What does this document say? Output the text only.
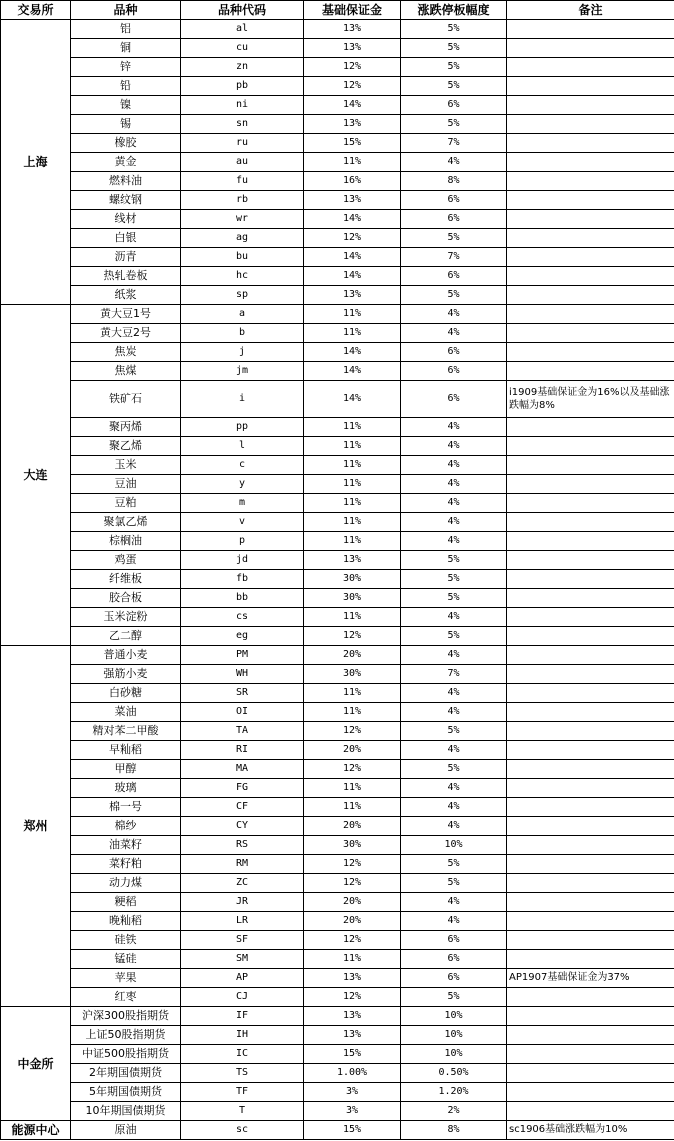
交易所	品种	品种代码	基础保证金	涨跌停板幅度	备注
上海	铝	al	13%	5%	
	铜	cu	13%	5%	
	锌	zn	12%	5%	
	铅	pb	12%	5%	
	镍	ni	14%	6%	
	锡	sn	13%	5%	
	橡胶	ru	15%	7%	
	黄金	au	11%	4%	
	燃料油	fu	16%	8%	
	螺纹钢	rb	13%	6%	
	线材	wr	14%	6%	
	白银	ag	12%	5%	
	沥青	bu	14%	7%	
	热轧卷板	hc	14%	6%	
	纸浆	sp	13%	5%	
大连	黄大豆1号	a	11%	4%	
	黄大豆2号	b	11%	4%	
	焦炭	j	14%	6%	
	焦煤	jm	14%	6%	
	铁矿石	i	14%	6%	i1909基础保证金为16%以及基础涨跌幅为8%
	聚丙烯	pp	11%	4%	
	聚乙烯	l	11%	4%	
	玉米	c	11%	4%	
	豆油	y	11%	4%	
	豆粕	m	11%	4%	
	聚氯乙烯	v	11%	4%	
	棕榈油	p	11%	4%	
	鸡蛋	jd	13%	5%	
	纤维板	fb	30%	5%	
	胶合板	bb	30%	5%	
	玉米淀粉	cs	11%	4%	
	乙二醇	eg	12%	5%	
郑州	普通小麦	PM	20%	4%	
	强筋小麦	WH	30%	7%	
	白砂糖	SR	11%	4%	
	菜油	OI	11%	4%	
	精对苯二甲酸	TA	12%	5%	
	早籼稻	RI	20%	4%	
	甲醇	MA	12%	5%	
	玻璃	FG	11%	4%	
	棉一号	CF	11%	4%	
	棉纱	CY	20%	4%	
	油菜籽	RS	30%	10%	
	菜籽粕	RM	12%	5%	
	动力煤	ZC	12%	5%	
	粳稻	JR	20%	4%	
	晚籼稻	LR	20%	4%	
	硅铁	SF	12%	6%	
	锰硅	SM	11%	6%	
	苹果	AP	13%	6%	AP1907基础保证金为37%
	红枣	CJ	12%	5%	
中金所	沪深300股指期货	IF	13%	10%	
	上证50股指期货	IH	13%	10%	
	中证500股指期货	IC	15%	10%	
	2年期国债期货	TS	1.00%	0.50%	
	5年期国债期货	TF	3%	1.20%	
	10年期国债期货	T	3%	2%	
能源中心	原油	sc	15%	8%	sc1906基础涨跌幅为10%
